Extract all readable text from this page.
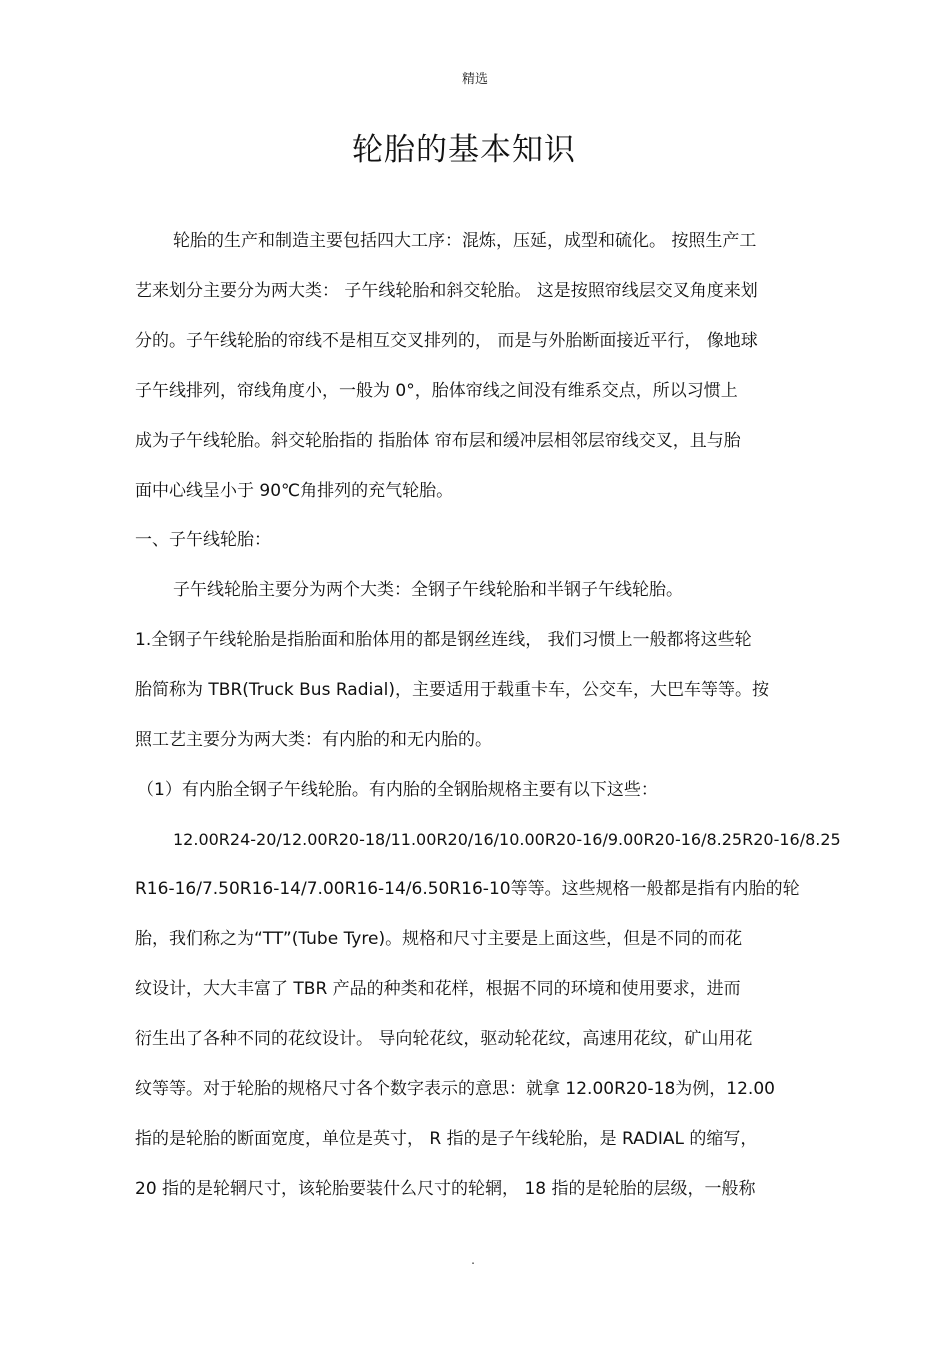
精选
轮胎的基本知识
轮胎的生产和制造主要包括四大工序：混炼，压延，成型和硫化。 按照生产工
艺来划分主要分为两大类： 子午线轮胎和斜交轮胎。 这是按照帘线层交叉角度来划
分的。子午线轮胎的帘线不是相互交叉排列的， 而是与外胎断面接近平行， 像地球
子午线排列，帘线角度小，一般为 0°，胎体帘线之间没有维系交点，所以习惯上
成为子午线轮胎。斜交轮胎指的 指胎体 帘布层和缓冲层相邻层帘线交叉，且与胎
面中心线呈小于 90℃角排列的充气轮胎。
一、子午线轮胎：
子午线轮胎主要分为两个大类：全钢子午线轮胎和半钢子午线轮胎。
1.全钢子午线轮胎是指胎面和胎体用的都是钢丝连线， 我们习惯上一般都将这些轮
胎简称为 TBR(Truck Bus Radial)，主要适用于载重卡车，公交车，大巴车等等。按
照工艺主要分为两大类：有内胎的和无内胎的。
（1）有内胎全钢子午线轮胎。有内胎的全钢胎规格主要有以下这些：
12.00R24-20/12.00R20-18/11.00R20/16/10.00R20-16/9.00R20-16/8.25R20-16/8.25
R16-16/7.50R16-14/7.00R16-14/6.50R16-10等等。这些规格一般都是指有内胎的轮
胎，我们称之为“TT”(Tube Tyre)。规格和尺寸主要是上面这些，但是不同的而花
纹设计，大大丰富了 TBR 产品的种类和花样，根据不同的环境和使用要求，进而
衍生出了各种不同的花纹设计。 导向轮花纹，驱动轮花纹，高速用花纹，矿山用花
纹等等。对于轮胎的规格尺寸各个数字表示的意思：就拿 12.00R20-18为例，12.00
指的是轮胎的断面宽度，单位是英寸， R 指的是子午线轮胎，是 RADIAL 的缩写，
20 指的是轮辋尺寸，该轮胎要装什么尺寸的轮辋， 18 指的是轮胎的层级，一般称
.
